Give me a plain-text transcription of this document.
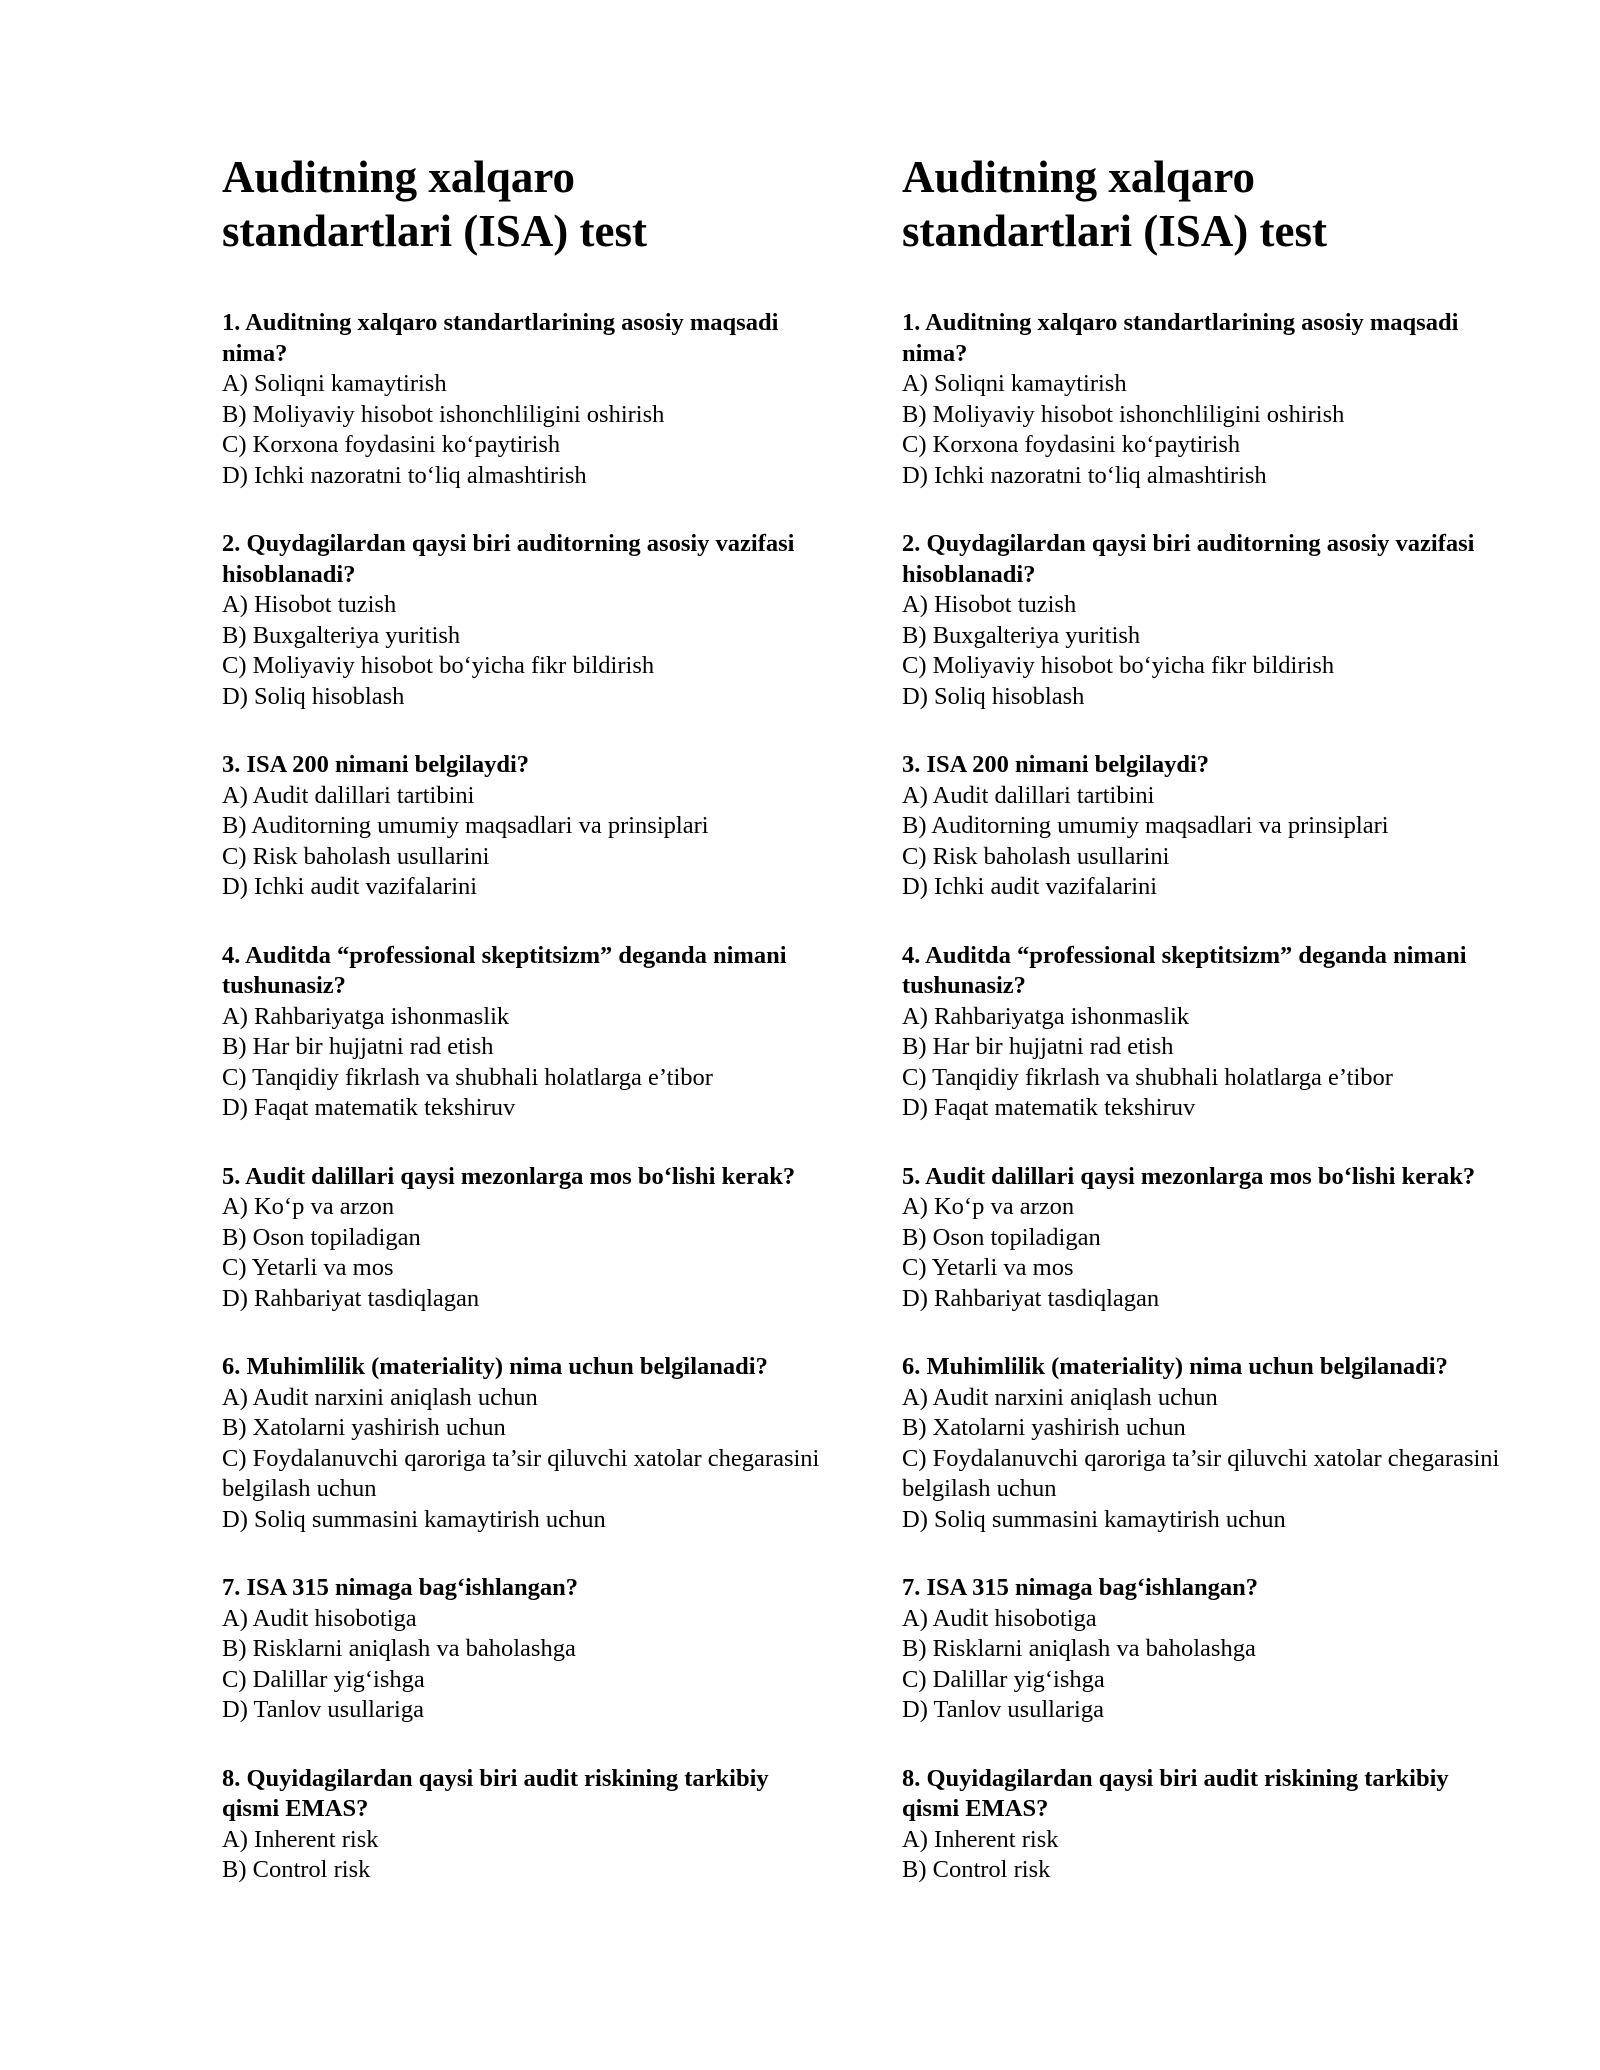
Auditning xalqaro
standartlari (ISA) test

1. Auditning xalqaro standartlarining asosiy maqsadi nima?

A) Soliqni kamaytirish

B) Moliyaviy hisobot ishonchliligini oshirish

C) Korxona foydasini ko‘paytirish

D) Ichki nazoratni to‘liq almashtirish

2. Quydagilardan qaysi biri auditorning asosiy vazifasi hisoblanadi?

A) Hisobot tuzish

B) Buxgalteriya yuritish

C) Moliyaviy hisobot bo‘yicha fikr bildirish

D) Soliq hisoblash

3. ISA 200 nimani belgilaydi?

A) Audit dalillari tartibini

B) Auditorning umumiy maqsadlari va prinsiplari

C) Risk baholash usullarini

D) Ichki audit vazifalarini

4. Auditda “professional skeptitsizm” deganda nimani tushunasiz?

A) Rahbariyatga ishonmaslik

B) Har bir hujjatni rad etish

C) Tanqidiy fikrlash va shubhali holatlarga e’tibor

D) Faqat matematik tekshiruv

5. Audit dalillari qaysi mezonlarga mos bo‘lishi kerak?

A) Ko‘p va arzon

B) Oson topiladigan

C) Yetarli va mos

D) Rahbariyat tasdiqlagan

6. Muhimlilik (materiality) nima uchun belgilanadi?

A) Audit narxini aniqlash uchun

B) Xatolarni yashirish uchun

C) Foydalanuvchi qaroriga ta’sir qiluvchi xatolar chegarasini belgilash uchun

D) Soliq summasini kamaytirish uchun

7. ISA 315 nimaga bag‘ishlangan?

A) Audit hisobotiga

B) Risklarni aniqlash va baholashga

C) Dalillar yig‘ishga

D) Tanlov usullariga

8. Quyidagilardan qaysi biri audit riskining tarkibiy qismi EMAS?

A) Inherent risk

B) Control risk

Auditning xalqaro
standartlari (ISA) test

1. Auditning xalqaro standartlarining asosiy maqsadi nima?

A) Soliqni kamaytirish

B) Moliyaviy hisobot ishonchliligini oshirish

C) Korxona foydasini ko‘paytirish

D) Ichki nazoratni to‘liq almashtirish

2. Quydagilardan qaysi biri auditorning asosiy vazifasi hisoblanadi?

A) Hisobot tuzish

B) Buxgalteriya yuritish

C) Moliyaviy hisobot bo‘yicha fikr bildirish

D) Soliq hisoblash

3. ISA 200 nimani belgilaydi?

A) Audit dalillari tartibini

B) Auditorning umumiy maqsadlari va prinsiplari

C) Risk baholash usullarini

D) Ichki audit vazifalarini

4. Auditda “professional skeptitsizm” deganda nimani tushunasiz?

A) Rahbariyatga ishonmaslik

B) Har bir hujjatni rad etish

C) Tanqidiy fikrlash va shubhali holatlarga e’tibor

D) Faqat matematik tekshiruv

5. Audit dalillari qaysi mezonlarga mos bo‘lishi kerak?

A) Ko‘p va arzon

B) Oson topiladigan

C) Yetarli va mos

D) Rahbariyat tasdiqlagan

6. Muhimlilik (materiality) nima uchun belgilanadi?

A) Audit narxini aniqlash uchun

B) Xatolarni yashirish uchun

C) Foydalanuvchi qaroriga ta’sir qiluvchi xatolar chegarasini belgilash uchun

D) Soliq summasini kamaytirish uchun

7. ISA 315 nimaga bag‘ishlangan?

A) Audit hisobotiga

B) Risklarni aniqlash va baholashga

C) Dalillar yig‘ishga

D) Tanlov usullariga

8. Quyidagilardan qaysi biri audit riskining tarkibiy qismi EMAS?

A) Inherent risk

B) Control risk
